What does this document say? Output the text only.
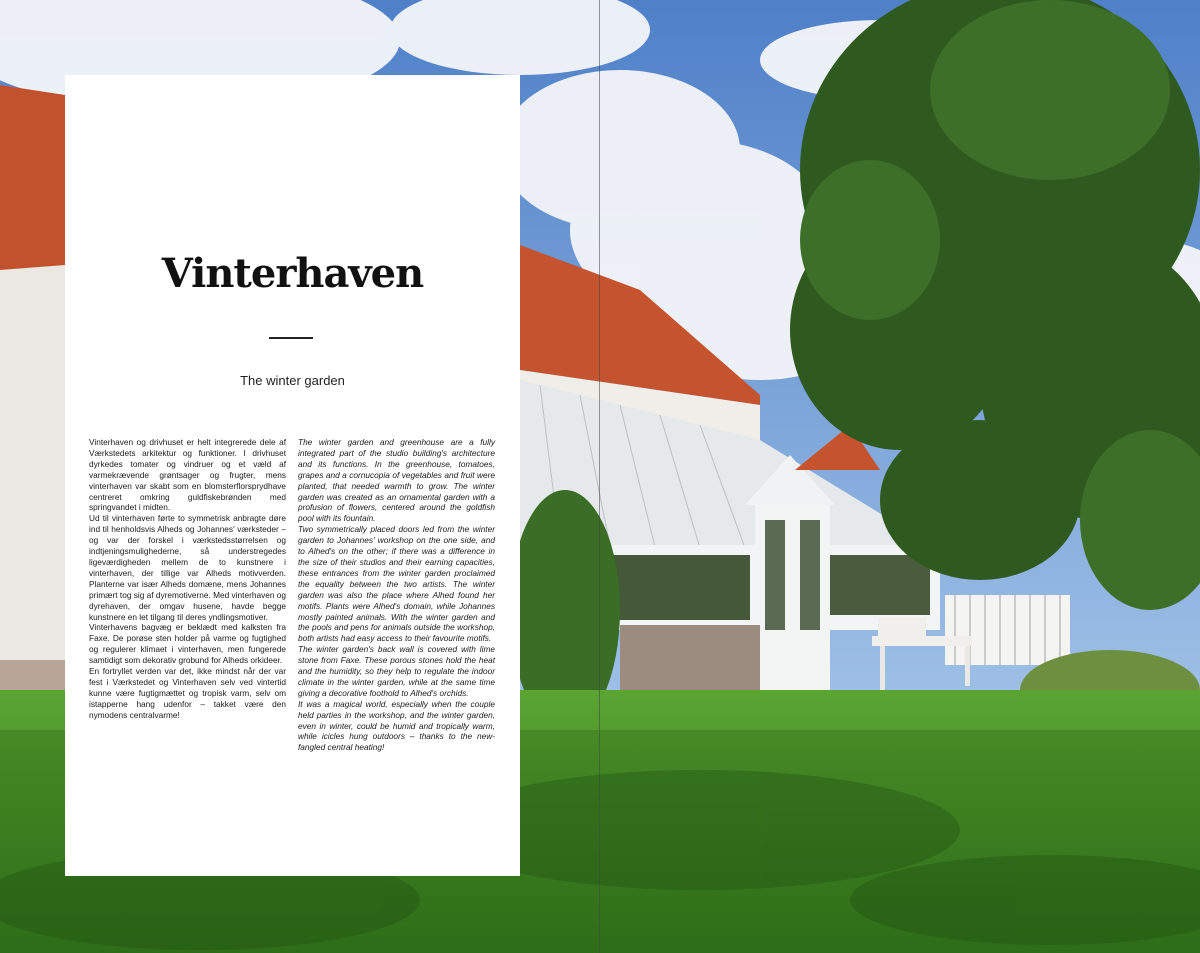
Vinterhaven

The winter garden

Vinterhaven og drivhuset er helt integrerede dele af Værkstedets arkitektur og funktioner. I drivhuset dyrkedes tomater og vindruer og et væld af varmekrævende grøntsager og frugter, mens vinterhaven var skabt som en blomsterflorsprydhave centreret omkring guldfiskebrønden med springvandet i midten.

Ud til vinterhaven førte to symmetrisk anbragte døre ind til henholdsvis Alheds og Johannes' værksteder – og var der forskel i værkstedsstørrelsen og indtjeningsmulighederne, så understregedes ligeværdigheden mellem de to kunstnere i vinterhaven, der tillige var Alheds motivverden. Planterne var især Alheds domæne, mens Johannes primært tog sig af dyremotiverne. Med vinterhaven og dyrehaven, der omgav husene, havde begge kunstnere en let tilgang til deres yndlingsmotiver.

Vinterhavens bagvæg er beklædt med kalksten fra Faxe. De porøse sten holder på varme og fugtighed og regulerer klimaet i vinterhaven, men fungerede samtidigt som dekorativ grobund for Alheds orkideer.

En fortryllet verden var det, ikke mindst når der var fest i Værkstedet og Vinterhaven selv ved vintertid kunne være fugtigmættet og tropisk varm, selv om istapperne hang udenfor – takket være den nymodens centralvarme!

The winter garden and greenhouse are a fully integrated part of the studio building's architecture and its functions. In the greenhouse, tomatoes, grapes and a cornucopia of vegetables and fruit were planted, that needed warmth to grow. The winter garden was created as an ornamental garden with a profusion of flowers, centered around the goldfish pool with its fountain.

Two symmetrically placed doors led from the winter garden to Johannes' workshop on the one side, and to Alhed's on the other; if there was a difference in the size of their studios and their earning capacities, these entrances from the winter garden proclaimed the equality between the two artists. The winter garden was also the place where Alhed found her motifs. Plants were Alhed's domain, while Johannes mostly painted animals. With the winter garden and the pools and pens for animals outside the workshop, both artists had easy access to their favourite motifs.

The winter garden's back wall is covered with lime stone from Faxe. These porous stones hold the heat and the humidity, so they help to regulate the indoor climate in the winter garden, while at the same time giving a decorative foothold to Alhed's orchids.

It was a magical world, especially when the couple held parties in the workshop, and the winter garden, even in winter, could be humid and tropically warm, while icicles hung outdoors – thanks to the new-fangled central heating!
